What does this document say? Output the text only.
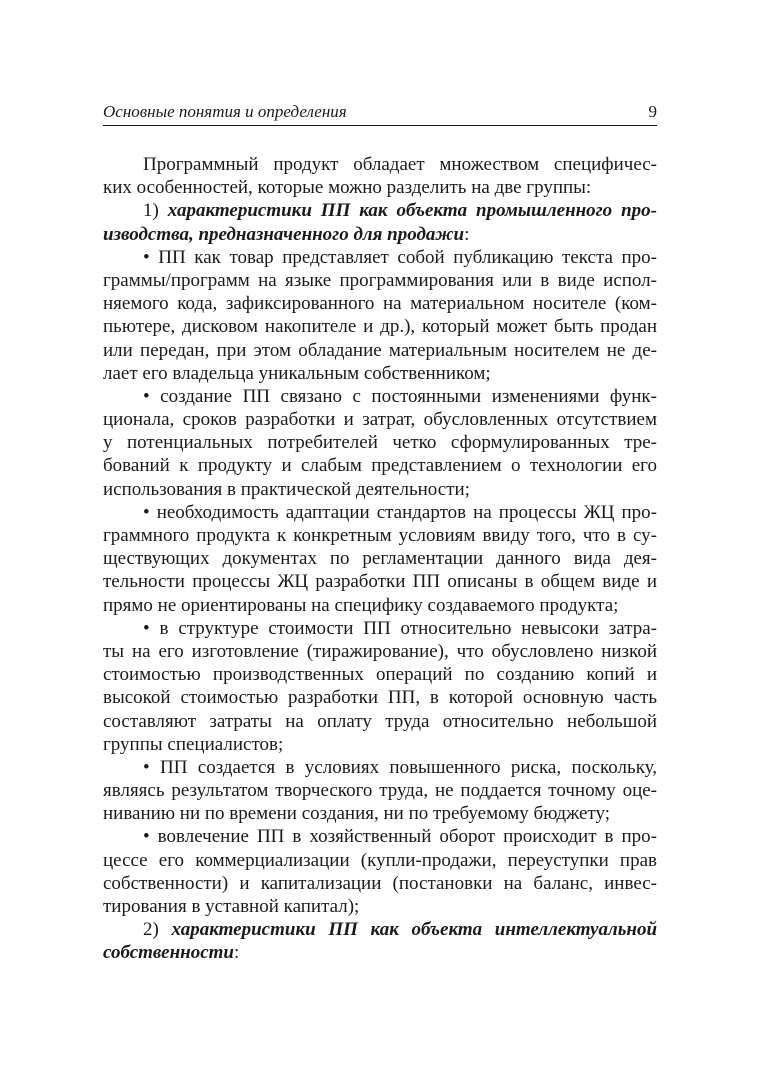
Основные понятия и определения	9
Программный продукт обладает множеством специфичес-
ких особенностей, которые можно разделить на две группы:
1) характеристики ПП как объекта промышленного про-
изводства, предназначенного для продажи:
• ПП как товар представляет собой публикацию текста про-
граммы/программ на языке программирования или в виде испол-
няемого кода, зафиксированного на материальном носителе (ком-
пьютере, дисковом накопителе и др.), который может быть продан
или передан, при этом обладание материальным носителем не де-
лает его владельца уникальным собственником;
• создание ПП связано с постоянными изменениями функ-
ционала, сроков разработки и затрат, обусловленных отсутствием
у потенциальных потребителей четко сформулированных тре-
бований к продукту и слабым представлением о технологии его
использования в практической деятельности;
• необходимость адаптации стандартов на процессы ЖЦ про-
граммного продукта к конкретным условиям ввиду того, что в су-
ществующих документах по регламентации данного вида дея-
тельности процессы ЖЦ разработки ПП описаны в общем виде и
прямо не ориентированы на специфику создаваемого продукта;
• в структуре стоимости ПП относительно невысоки затра-
ты на его изготовление (тиражирование), что обусловлено низкой
стоимостью производственных операций по созданию копий и
высокой стоимостью разработки ПП, в которой основную часть
составляют затраты на оплату труда относительно небольшой
группы специалистов;
• ПП создается в условиях повышенного риска, поскольку,
являясь результатом творческого труда, не поддается точному оце-
ниванию ни по времени создания, ни по требуемому бюджету;
• вовлечение ПП в хозяйственный оборот происходит в про-
цессе его коммерциализации (купли-продажи, переуступки прав
собственности) и капитализации (постановки на баланс, инвес-
тирования в уставной капитал);
2) характеристики ПП как объекта интеллектуальной
собственности:
